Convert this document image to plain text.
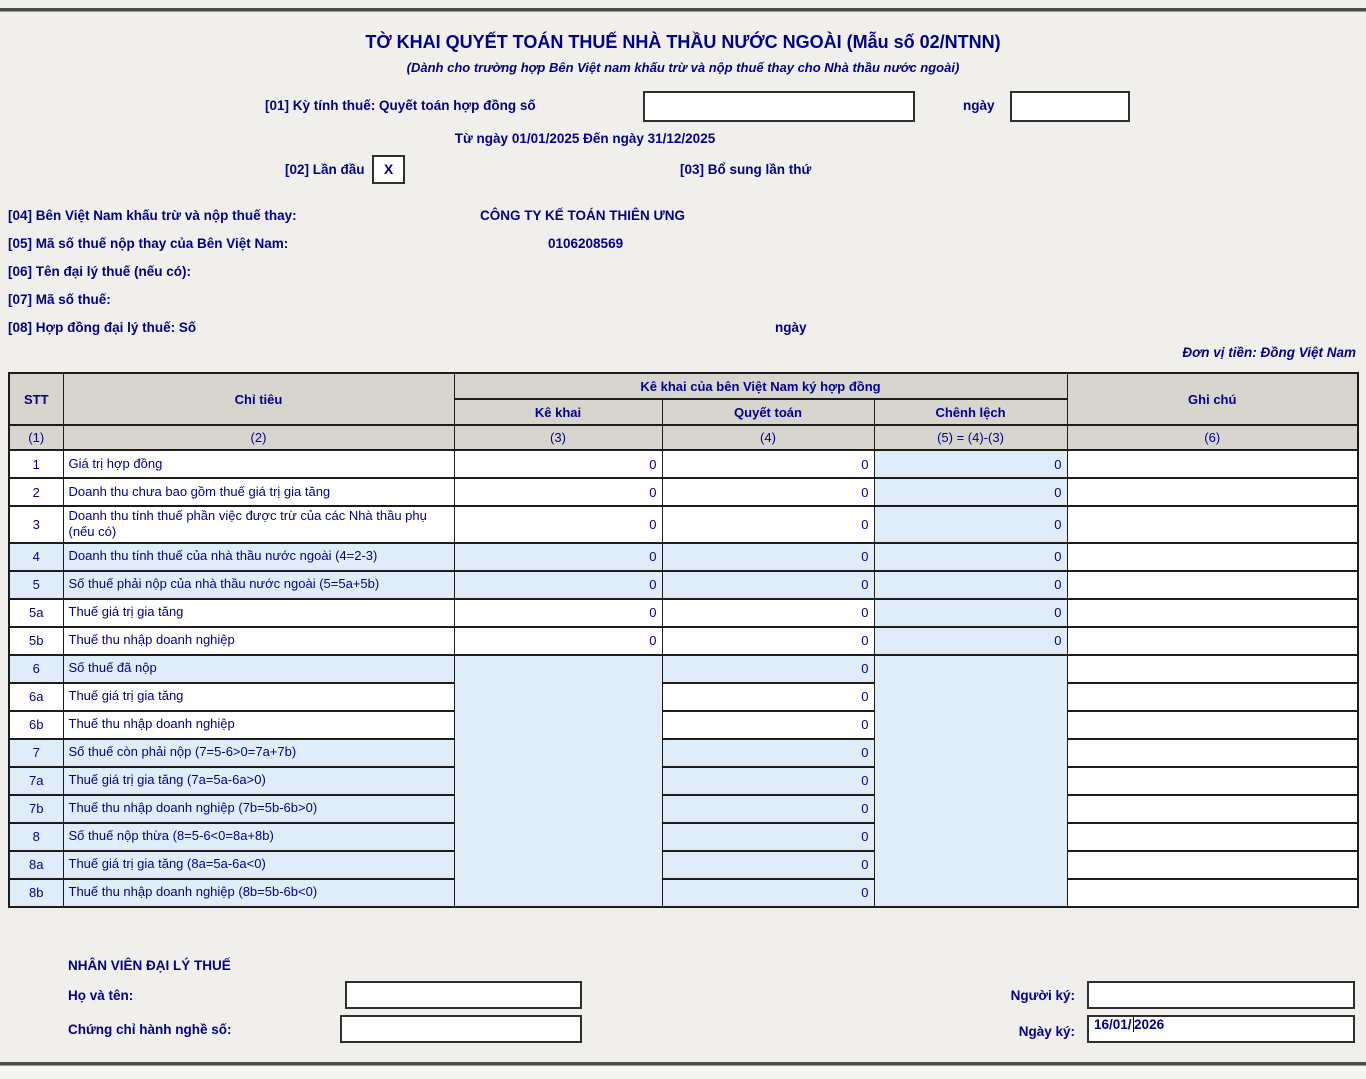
TỜ KHAI QUYẾT TOÁN THUẾ NHÀ THẦU NƯỚC NGOÀI (Mẫu số 02/NTNN)
(Dành cho trường hợp Bên Việt nam khấu trừ và nộp thuế thay cho Nhà thầu nước ngoài)
[01] Kỳ tính thuế: Quyết toán hợp đồng số	ngày
Từ ngày 01/01/2025 Đến ngày 31/12/2025
[02] Lần đầu	X	[03] Bổ sung lần thứ
[04] Bên Việt Nam khấu trừ và nộp thuế thay:	CÔNG TY KẾ TOÁN THIÊN ƯNG
[05] Mã số thuế nộp thay của Bên Việt Nam:	0106208569
[06] Tên đại lý thuế (nếu có):
[07] Mã số thuế:
[08] Hợp đồng đại lý thuế: Số	ngày
Đơn vị tiền: Đồng Việt Nam
STT	Chỉ tiêu	Kê khai của bên Việt Nam ký hợp đồng			Ghi chú
		Kê khai	Quyết toán	Chênh lệch	
(1)	(2)	(3)	(4)	(5) = (4)-(3)	(6)
1	Giá trị hợp đồng	0	0	0	
2	Doanh thu chưa bao gồm thuế giá trị gia tăng	0	0	0	
3	Doanh thu tính thuế phần việc được trừ của các Nhà thầu phụ (nếu có)	0	0	0	
4	Doanh thu tính thuế của nhà thầu nước ngoài (4=2-3)	0	0	0	
5	Số thuế phải nộp của nhà thầu nước ngoài (5=5a+5b)	0	0	0	
5a	Thuế giá trị gia tăng	0	0	0	
5b	Thuế thu nhập doanh nghiệp	0	0	0	
6	Số thuế đã nộp		0		
6a	Thuế giá trị gia tăng		0		
6b	Thuế thu nhập doanh nghiệp		0		
7	Số thuế còn phải nộp (7=5-6>0=7a+7b)		0		
7a	Thuế giá trị gia tăng (7a=5a-6a>0)		0		
7b	Thuế thu nhập doanh nghiệp (7b=5b-6b>0)		0		
8	Số thuế nộp thừa (8=5-6<0=8a+8b)		0		
8a	Thuế giá trị gia tăng (8a=5a-6a<0)		0		
8b	Thuế thu nhập doanh nghiệp (8b=5b-6b<0)		0		
NHÂN VIÊN ĐẠI LÝ THUẾ
Họ và tên:
Chứng chỉ hành nghề số:
Người ký:
Ngày ký:	16/01/ 2026
